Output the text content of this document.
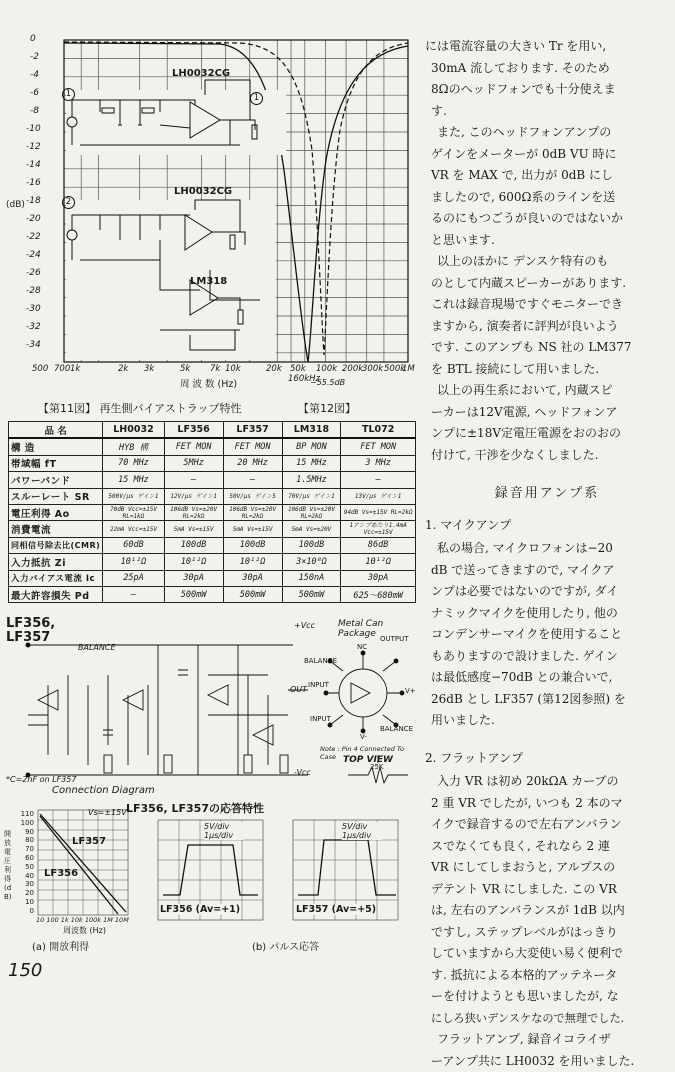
0
-2
-4
-6
-8
-10
-12
-14
-16
-18
-20
-22
-24
-26
-28
-30
-32
-34
(dB)
500 700 1k	2k 3k	5k 7k 10k	20k 50k 100k
160kHz
200k
300k 500k
1M
−55.5dB
周 波 数 (Hz)
LH0032CG
LH0032CG
LM318
1
2
1
【第11図】 再生側バイアストラップ特性	【第12図】
品 名	LH0032	LF356	LF357	LM318	TL072
構 造	HYB 構	FET MON	FET MON	BP MON	FET MON
帯域幅 fT	70 MHz	5MHz	20 MHz	15 MHz	3 MHz
パワーバンド	15 MHz	—	—	1.5MHz	—
スルーレート SR	500V/μs ゲイン1	12V/μs ゲイン1	50V/μs ゲイン5	70V/μs ゲイン1	13V/μs ゲイン1
電圧利得 Ao	70dB Vcc=±15V RL=1kΩ	106dB Vs=±20V RL=2kΩ	106dB Vs=±20V RL=2kΩ	106dB Vs=±20V RL=2kΩ	94dB Vs=±15V RL=2kΩ
消費電流	22mA Vcc=±15V	5mA Vs=±15V	5mA Vs=±15V	5mA Vs=±20V	1アンプあたり1.4mA Vcc=±15V
同相信号除去比(CMR)	60dB	100dB	100dB	100dB	86dB
入力抵抗 Zi	10¹²Ω	10¹²Ω	10¹²Ω	3×10⁸Ω	10¹²Ω
入力バイアス電流 Ic	25pA	30pA	30pA	150nA	30pA
最大許容損失 Pd	—	500mW	500mW	500mW	625～680mW
LF356, LF357
+Vcc
-Vcc
BALANCE
OUT
Connection Diagram
*C=2nF on LF357
Metal Can Package
BALANCE
OUTPUT
NC
V+
INPUT
INPUT
V-
BALANCE
Note : Pin 4 Connected To Case TOP VIEW
25K
LF356, LF357の応答特性
Vs=±15V
LF357
LF356
110
100
90
80
70
60
50
40
30
20
10
0
開放電圧利得 (dB)
10 100 1k 10k 100k 1M 10M
周波数 (Hz)
(a) 開放利得	(b) パルス応答
5V/div 1μs/div
5V/div 1μs/div
LF356 (Av=+1)	LF357 (Av=+5)
150
には電流容量の大きい Tr を用い,
30mA 流しております. そのため
8Ωのヘッドフォンでも十分使えま
す.
また, このヘッドフォンアンプの
ゲインをメーターが 0dB VU 時に
VR を MAX で, 出力が 0dB にし
ましたので, 600Ω系のラインを送
るのにもつごうが良いのではないか
と思います.
以上のほかに デンスケ特有のも
のとして内蔵スピーカーがあります.
これは録音現場ですぐモニターでき
ますから, 演奏者に評判が良いよう
です. このアンプも NS 社の LM377
を BTL 接続にして用いました.
以上の再生系において, 内蔵スピ
ーカーは12V電源, ヘッドフォンア
ンプに±18V定電圧電源をおのおの
付けて, 干渉を少なくしました.
録音用アンプ系
1. マイクアンプ
私の場合, マイクロフォンは−20
dB で送ってきますので, マイクア
ンプは必要ではないのですが, ダイ
ナミックマイクを使用したり, 他の
コンデンサーマイクを使用すること
もありますので設けました. ゲイン
は最低感度−70dB との兼合いで,
26dB とし LF357 (第12図参照) を
用いました.
2. フラットアンプ
入力 VR は初め 20kΩA カーブの
2 重 VR でしたが, いつも 2 本のマ
イクで録音するので左右アンバラン
スでなくても良く, それなら 2 連
VR にしてしまおうと, アルプスの
デテント VR にしました. この VR
は, 左右のアンバランスが 1dB 以内
ですし, ステップレベルがはっきり
していますから大変使い易く便利で
す. 抵抗による本格的アッテネータ
ーを付けようとも思いましたが, な
にしろ狭いデンスケなので無理でした.
フラットアンプ, 録音イコライザ
ーアンプ共に LH0032 を用いました.
